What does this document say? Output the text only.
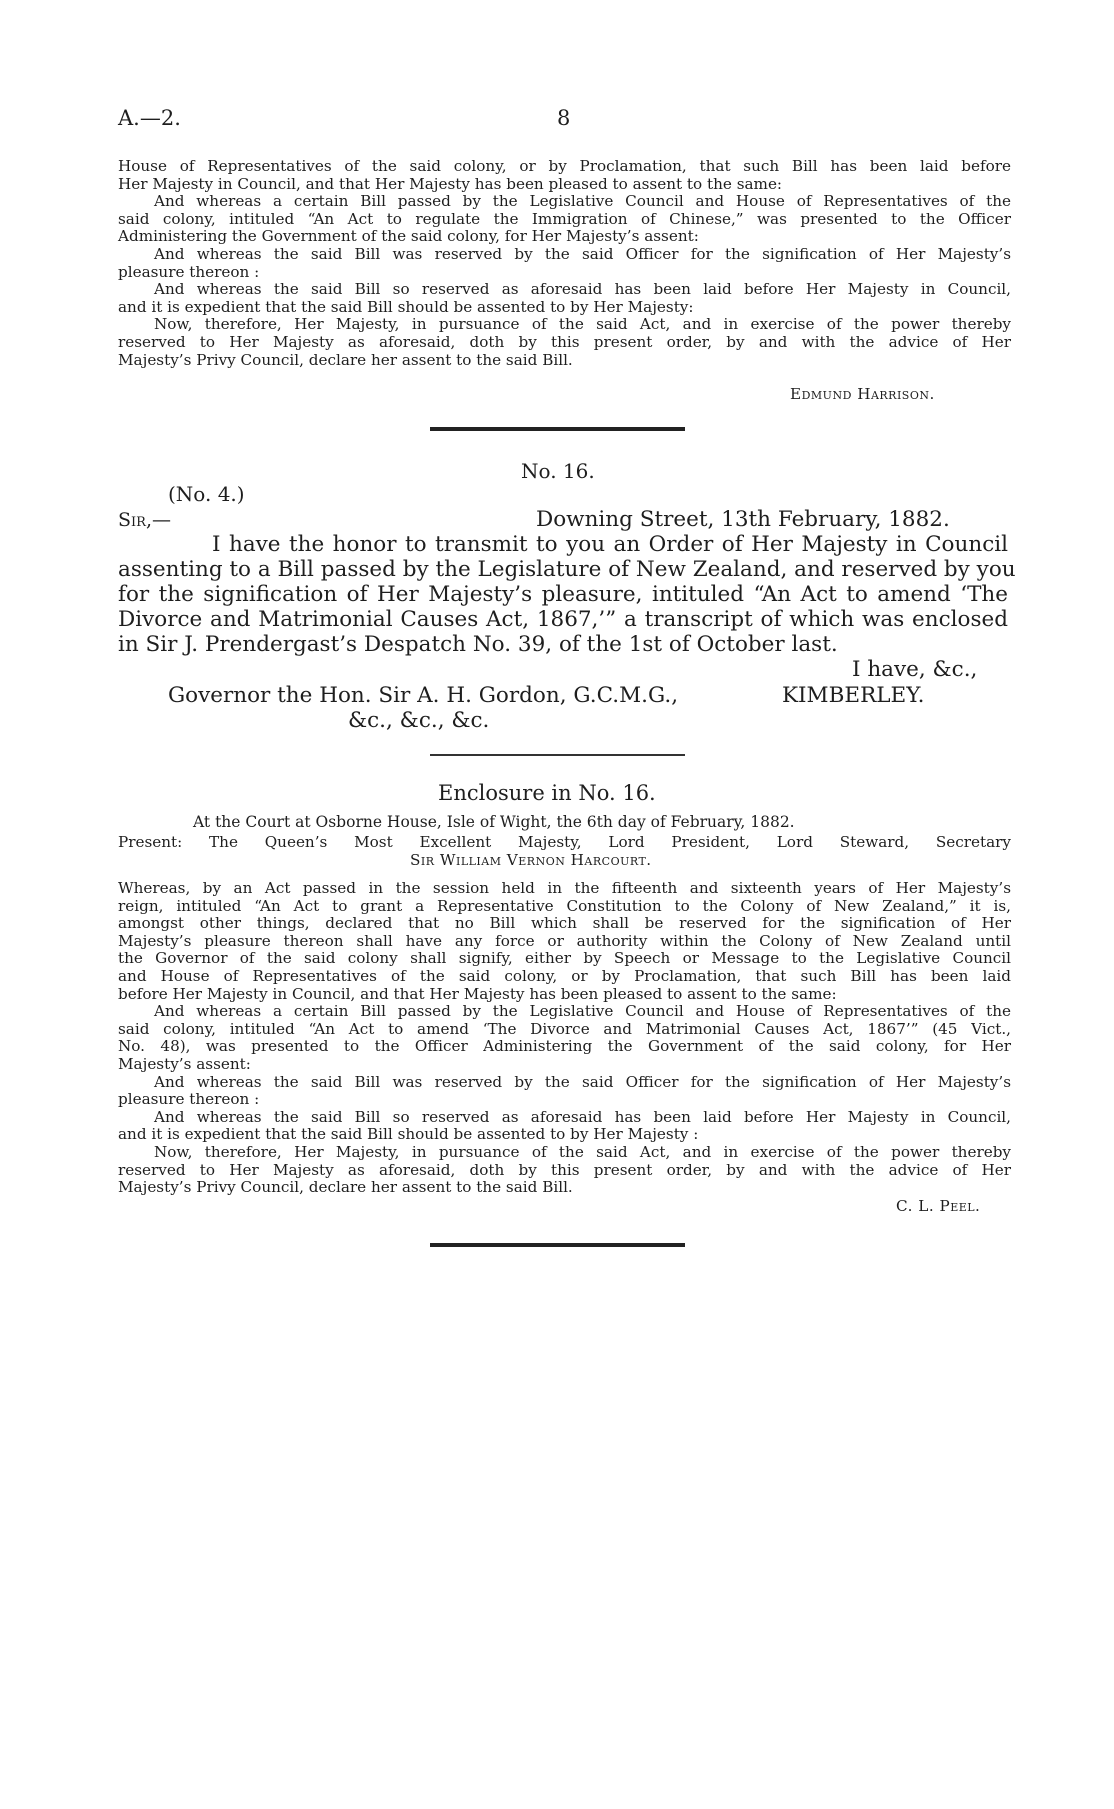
A.—2.	8
House of Representatives of the said colony, or by Proclamation, that such Bill has been laid before
Her Majesty in Council, and that Her Majesty has been pleased to assent to the same:
And whereas a certain Bill passed by the Legislative Council and House of Representatives of the
said colony, intituled “An Act to regulate the Immigration of Chinese,” was presented to the Officer
Administering the Government of the said colony, for Her Majesty’s assent:
And whereas the said Bill was reserved by the said Officer for the signification of Her Majesty’s
pleasure thereon :
And whereas the said Bill so reserved as aforesaid has been laid before Her Majesty in Council,
and it is expedient that the said Bill should be assented to by Her Majesty:
Now, therefore, Her Majesty, in pursuance of the said Act, and in exercise of the power thereby
reserved to Her Majesty as aforesaid, doth by this present order, by and with the advice of Her
Majesty’s Privy Council, declare her assent to the said Bill.
Edmund Harrison.
No. 16.
(No. 4.)
Sir,—	Downing Street, 13th February, 1882.
I have the honor to transmit to you an Order of Her Majesty in Council
assenting to a Bill passed by the Legislature of New Zealand, and reserved by you
for the signification of Her Majesty’s pleasure, intituled “An Act to amend ‘The
Divorce and Matrimonial Causes Act, 1867,’” a transcript of which was enclosed
in Sir J. Prendergast’s Despatch No. 39, of the 1st of October last.
I have, &c.,
Governor the Hon. Sir A. H. Gordon, G.C.M.G.,	KIMBERLEY.
&c., &c., &c.
Enclosure in No. 16.
At the Court at Osborne House, Isle of Wight, the 6th day of February, 1882.
Present: The Queen’s Most Excellent Majesty, Lord President, Lord Steward, Secretary
Sir William Vernon Harcourt.
Whereas, by an Act passed in the session held in the fifteenth and sixteenth years of Her Majesty’s
reign, intituled “An Act to grant a Representative Constitution to the Colony of New Zealand,” it is,
amongst other things, declared that no Bill which shall be reserved for the signification of Her
Majesty’s pleasure thereon shall have any force or authority within the Colony of New Zealand until
the Governor of the said colony shall signify, either by Speech or Message to the Legislative Council
and House of Representatives of the said colony, or by Proclamation, that such Bill has been laid
before Her Majesty in Council, and that Her Majesty has been pleased to assent to the same:
And whereas a certain Bill passed by the Legislative Council and House of Representatives of the
said colony, intituled “An Act to amend ‘The Divorce and Matrimonial Causes Act, 1867’” (45 Vict.,
No. 48), was presented to the Officer Administering the Government of the said colony, for Her
Majesty’s assent:
And whereas the said Bill was reserved by the said Officer for the signification of Her Majesty’s
pleasure thereon :
And whereas the said Bill so reserved as aforesaid has been laid before Her Majesty in Council,
and it is expedient that the said Bill should be assented to by Her Majesty :
Now, therefore, Her Majesty, in pursuance of the said Act, and in exercise of the power thereby
reserved to Her Majesty as aforesaid, doth by this present order, by and with the advice of Her
Majesty’s Privy Council, declare her assent to the said Bill.
C. L. Peel.
